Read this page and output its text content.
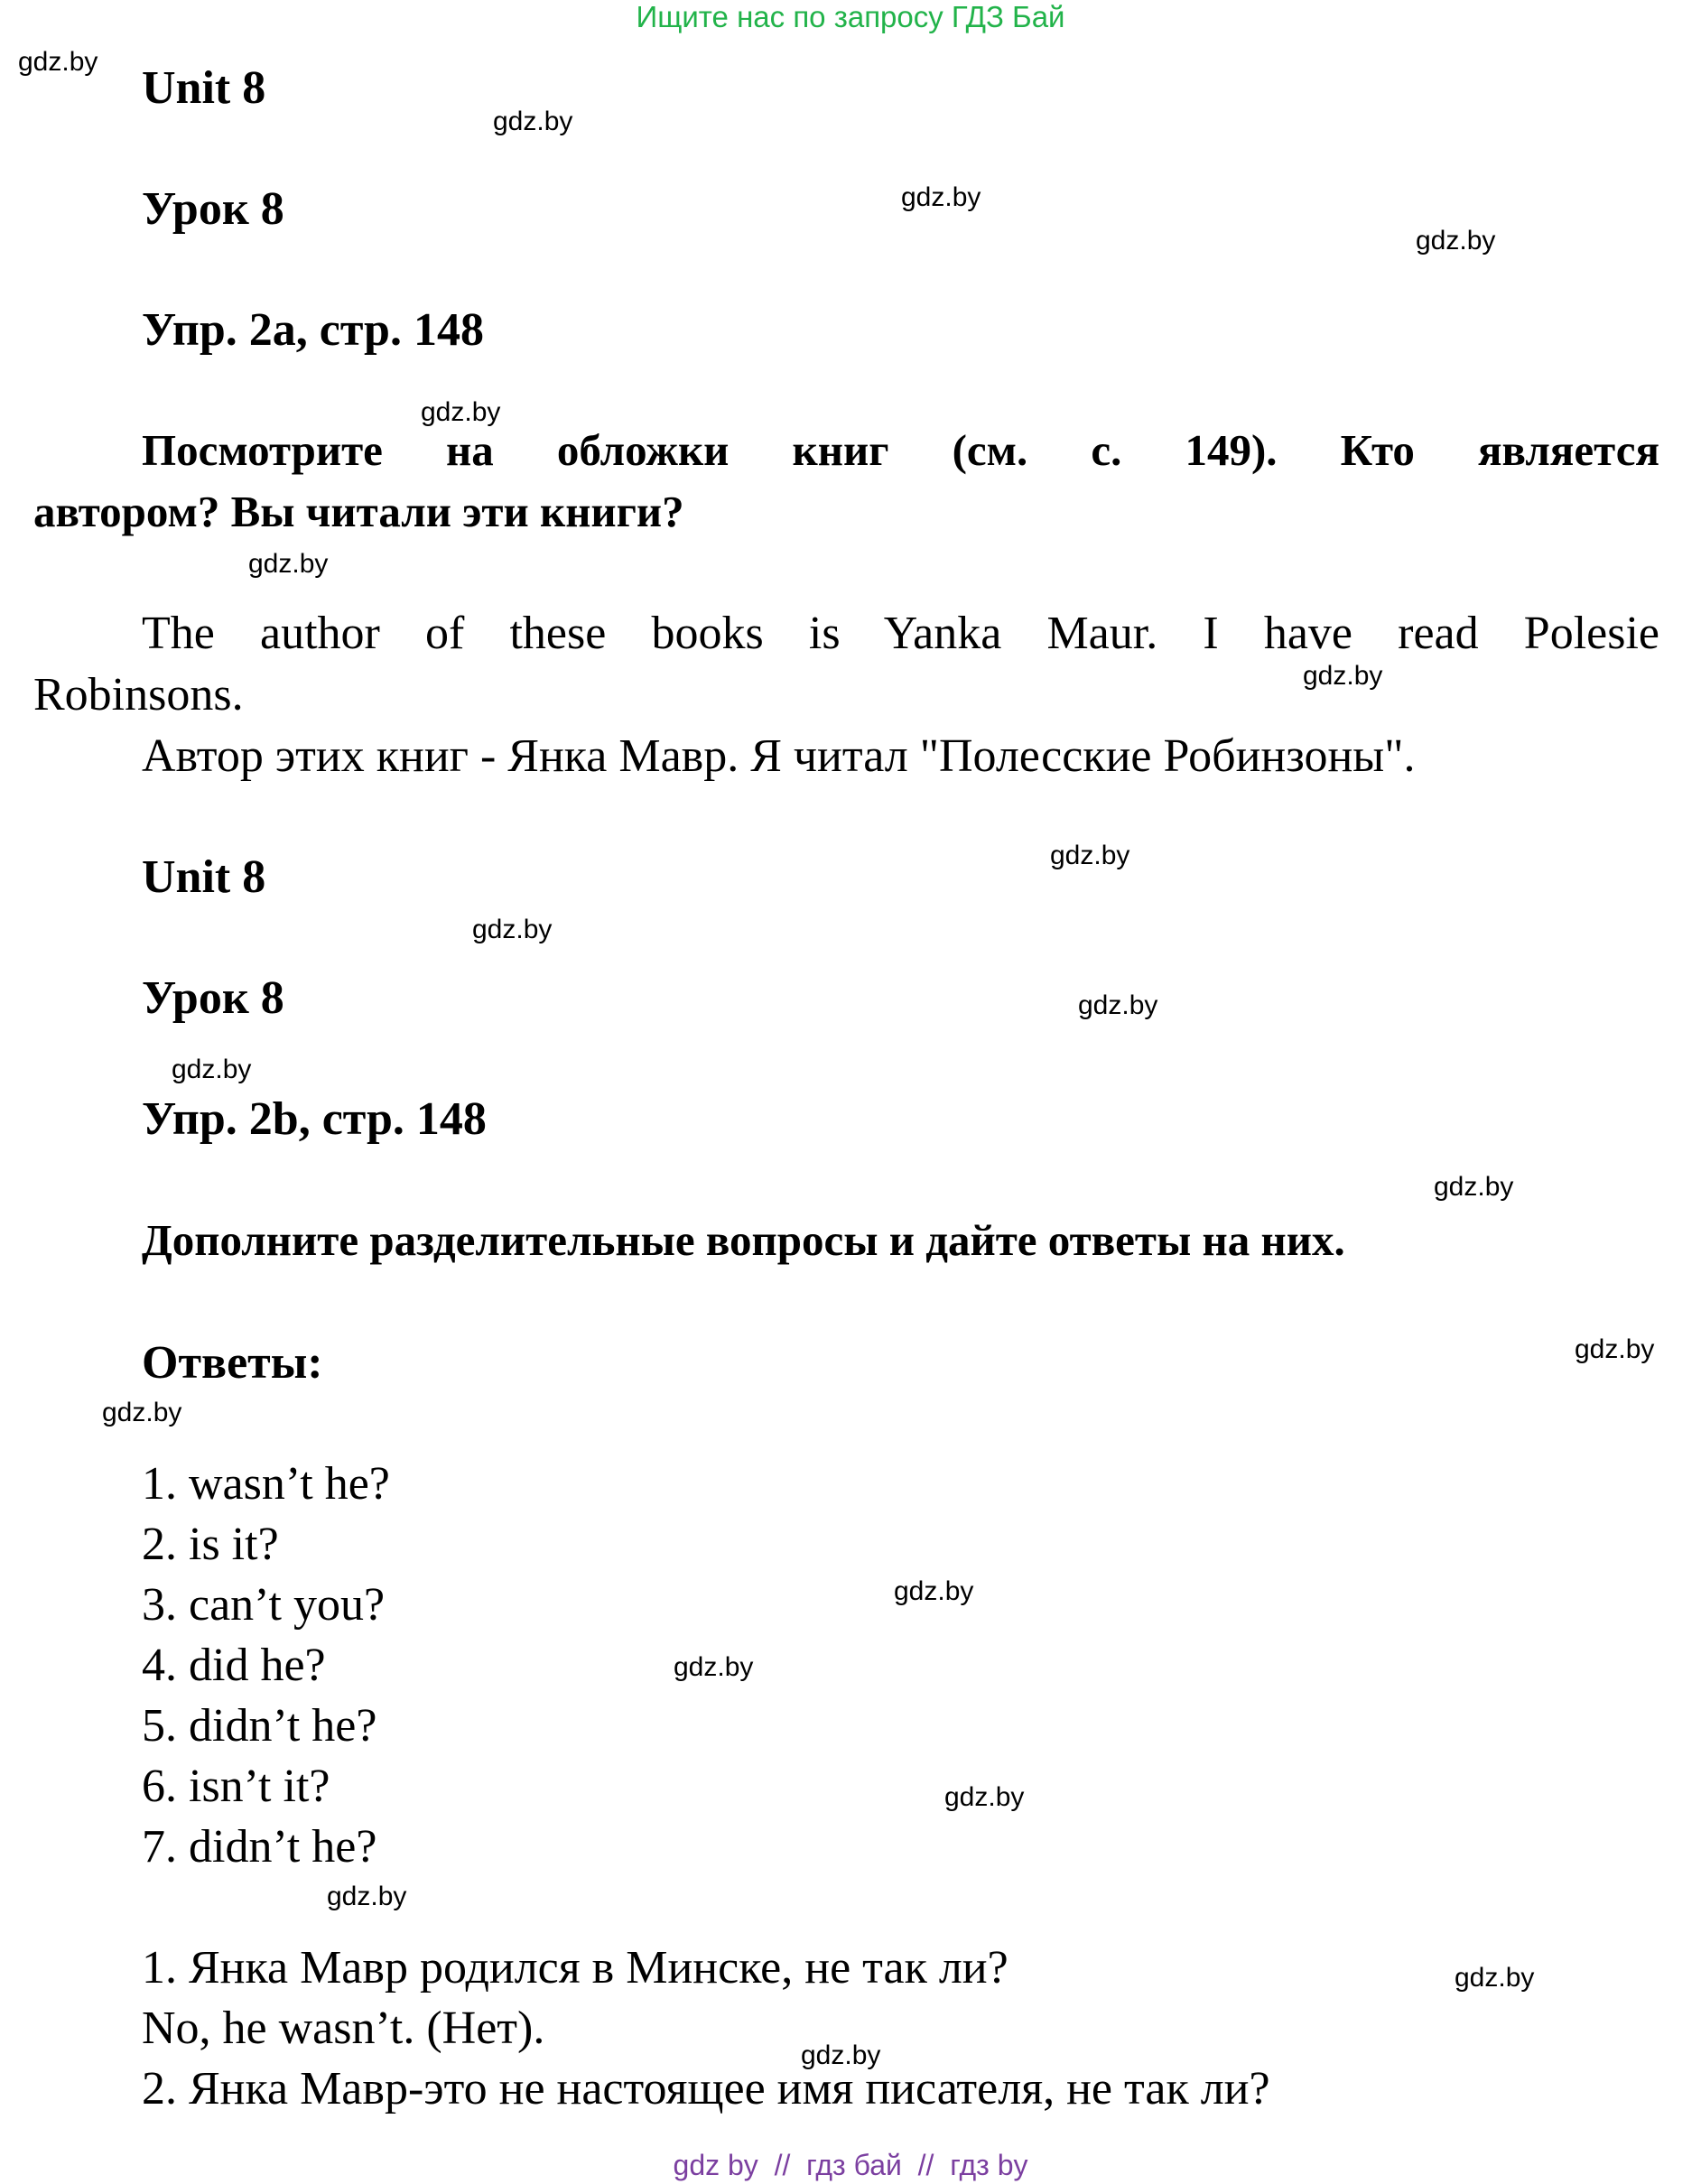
Ищите нас по запросу ГДЗ Бай
Unit 8
Урок 8
Упр. 2a, стр. 148
Посмотрите на обложки книг (см. с. 149). Кто является
автором? Вы читали эти книги?
The author of these books is Yanka Maur. I have read Polesie
Robinsons.
Автор этих книг - Янка Мавр. Я читал "Полесские Робинзоны".
Unit 8
Урок 8
Упр. 2b, стр. 148
Дополните разделительные вопросы и дайте ответы на них.
Ответы:
1. wasn’t he?
2. is it?
3. can’t you?
4. did he?
5. didn’t he?
6. isn’t it?
7. didn’t he?
1. Янка Мавр родился в Минске, не так ли?
No, he wasn’t. (Нет).
2. Янка Мавр-это не настоящее имя писателя, не так ли?
gdz.by
gdz.by
gdz.by
gdz.by
gdz.by
gdz.by
gdz.by
gdz.by
gdz.by
gdz.by
gdz.by
gdz.by
gdz.by
gdz.by
gdz.by
gdz.by
gdz.by
gdz.by
gdz.by
gdz.by
gdz by  //  гдз бай  //  гдз by
